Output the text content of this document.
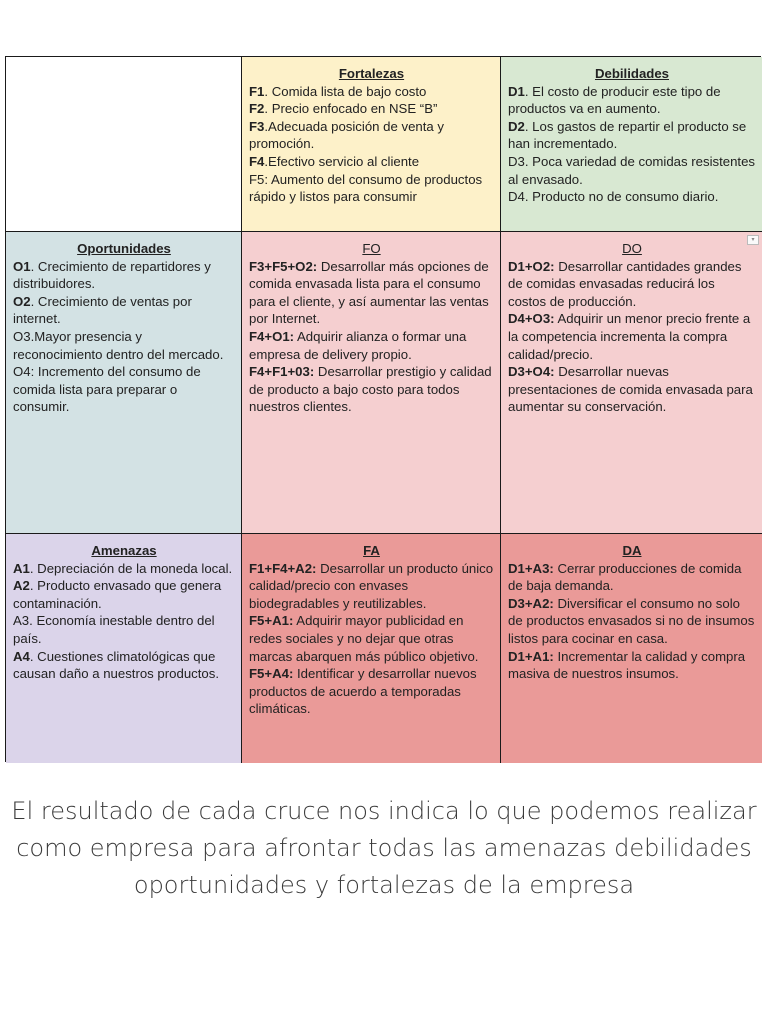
Fortalezas

F1. Comida lista de bajo costo

F2. Precio enfocado en NSE “B”

F3.Adecuada posición de venta y promoción.

F4.Efectivo servicio al cliente

F5: Aumento del consumo de productos rápido y listos para consumir

Debilidades

D1. El costo de producir este tipo de productos va en aumento.

D2. Los gastos de repartir el producto se han incrementado.

D3. Poca variedad de comidas resistentes al envasado.

D4. Producto no de consumo diario.

Oportunidades

O1. Crecimiento de repartidores y distribuidores.

O2. Crecimiento de ventas por internet.

O3.Mayor presencia y reconocimiento dentro del mercado.

O4: Incremento del consumo de comida lista para preparar o consumir.

FO

F3+F5+O2: Desarrollar más opciones de comida envasada lista para el consumo para el cliente, y así aumentar las ventas por Internet.

F4+O1: Adquirir alianza o formar una empresa de delivery propio.

F4+F1+03: Desarrollar prestigio y calidad de producto a bajo costo para todos nuestros clientes.

▾
DO

D1+O2: Desarrollar cantidades grandes de comidas envasadas reducirá los costos de producción.

D4+O3: Adquirir un menor precio frente a la competencia incrementa la compra calidad/precio.

D3+O4: Desarrollar nuevas presentaciones de comida envasada para aumentar su conservación.

Amenazas

A1. Depreciación de la moneda local.

A2. Producto envasado que genera contaminación.

A3. Economía inestable dentro del país.

A4. Cuestiones climatológicas que causan daño a nuestros productos.

FA

F1+F4+A2: Desarrollar un producto único calidad/precio con envases biodegradables y reutilizables.

F5+A1: Adquirir mayor publicidad en redes sociales y no dejar que otras marcas abarquen más público objetivo.

F5+A4: Identificar y desarrollar nuevos productos de acuerdo a temporadas climáticas.

DA

D1+A3: Cerrar producciones de comida de baja demanda.

D3+A2: Diversificar el consumo no solo de productos envasados si no de insumos listos para cocinar en casa.

D1+A1: Incrementar la calidad y compra masiva de nuestros insumos.

El resultado de cada cruce nos indica lo que podemos realizar como empresa para afrontar todas las amenazas debilidades oportunidades y fortalezas de la empresa
